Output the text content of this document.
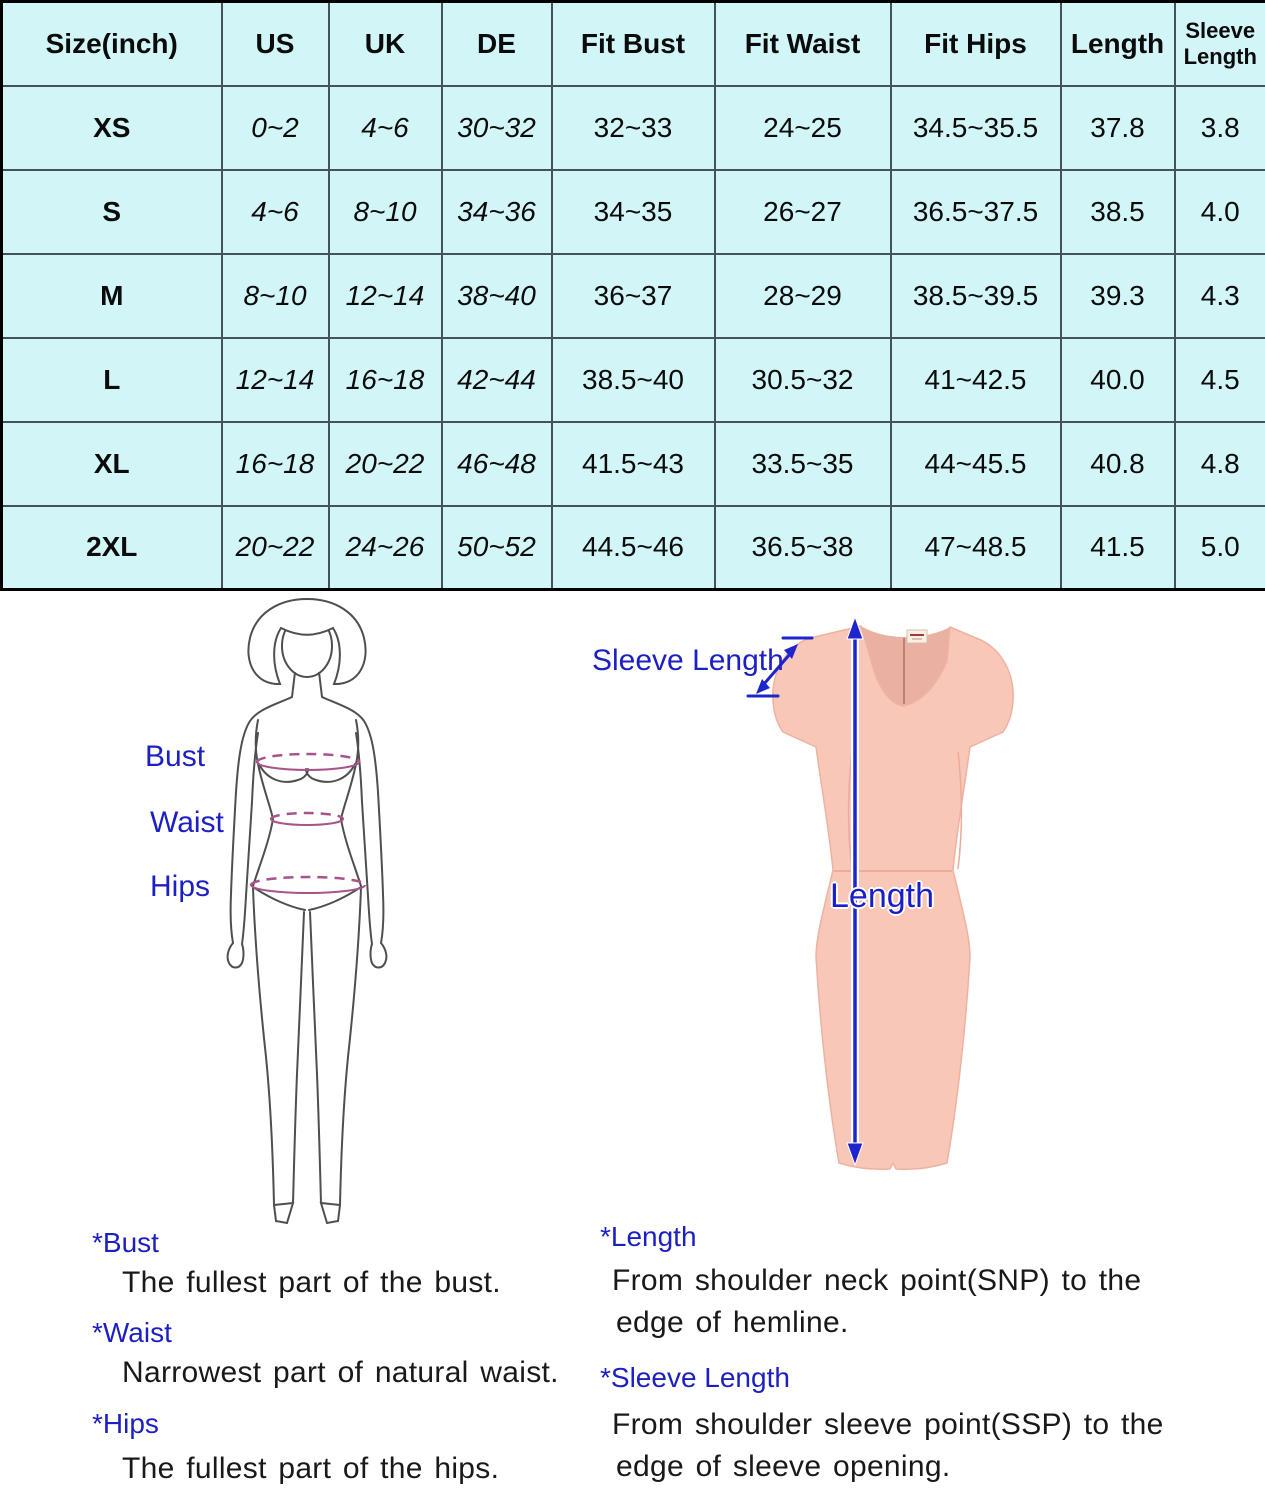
Size(inch)	US	UK	DE	Fit Bust	Fit Waist	Fit Hips	Length	Sleeve Length
XS	0~2	4~6	30~32	32~33	24~25	34.5~35.5	37.8	3.8
S	4~6	8~10	34~36	34~35	26~27	36.5~37.5	38.5	4.0
M	8~10	12~14	38~40	36~37	28~29	38.5~39.5	39.3	4.3
L	12~14	16~18	42~44	38.5~40	30.5~32	41~42.5	40.0	4.5
XL	16~18	20~22	46~48	41.5~43	33.5~35	44~45.5	40.8	4.8
2XL	20~22	24~26	50~52	44.5~46	36.5~38	47~48.5	41.5	5.0
Bust
Waist
Hips
Sleeve Length
Length
*Bust
The fullest part of the bust.
*Waist
Narrowest part of natural waist.
*Hips
The fullest part of the hips.
*Length
From shoulder neck point(SNP) to the
edge of hemline.
*Sleeve Length
From shoulder sleeve point(SSP) to the
edge of sleeve opening.
